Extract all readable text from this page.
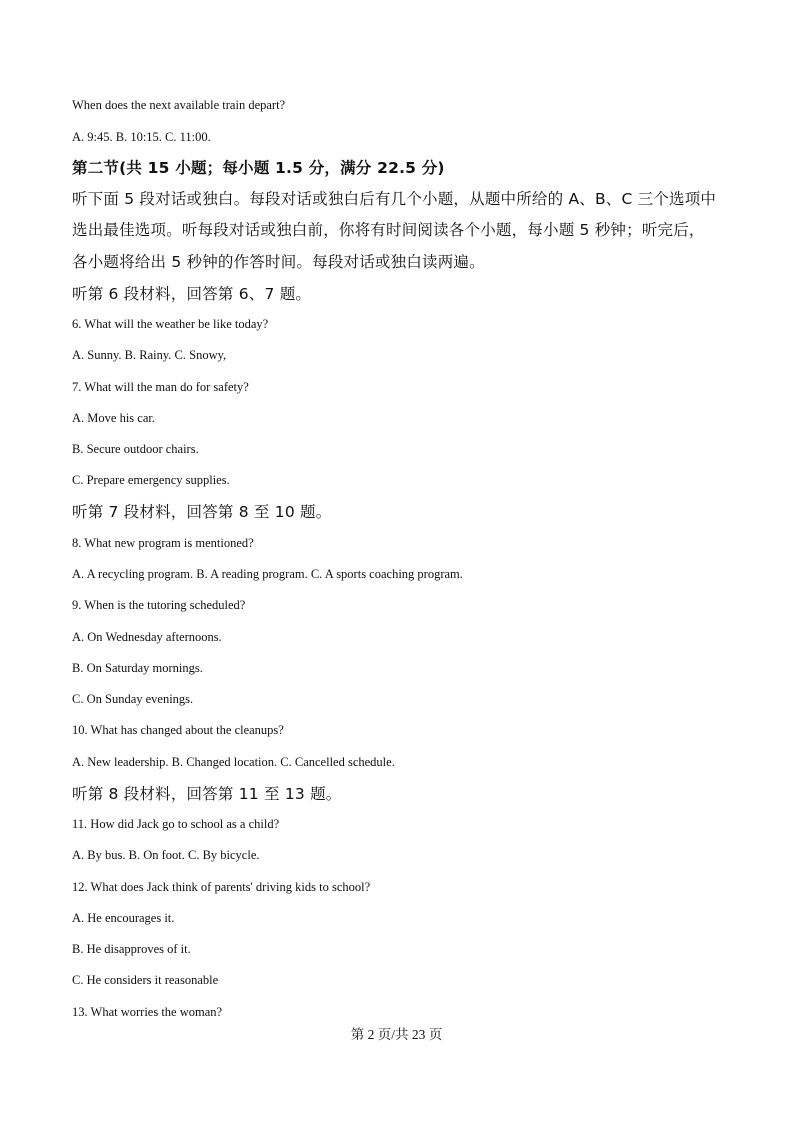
When does the next available train depart?
A. 9:45. B. 10:15. C. 11:00.
第二节(共 15 小题；每小题 1.5 分，满分 22.5 分)
听下面 5 段对话或独白。每段对话或独白后有几个小题，从题中所给的 A、B、C 三个选项中
选出最佳选项。听每段对话或独白前，你将有时间阅读各个小题，每小题 5 秒钟；听完后，
各小题将给出 5 秒钟的作答时间。每段对话或独白读两遍。
听第 6 段材料，回答第 6、7 题。
6. What will the weather be like today?
A. Sunny. B. Rainy. C. Snowy,
7. What will the man do for safety?
A. Move his car.
B. Secure outdoor chairs.
C. Prepare emergency supplies.
听第 7 段材料，回答第 8 至 10 题。
8. What new program is mentioned?
A. A recycling program. B. A reading program. C. A sports coaching program.
9. When is the tutoring scheduled?
A. On Wednesday afternoons.
B. On Saturday mornings.
C. On Sunday evenings.
10. What has changed about the cleanups?
A. New leadership. B. Changed location. C. Cancelled schedule.
听第 8 段材料，回答第 11 至 13 题。
11. How did Jack go to school as a child?
A. By bus. B. On foot. C. By bicycle.
12. What does Jack think of parents' driving kids to school?
A. He encourages it.
B. He disapproves of it.
C. He considers it reasonable
13. What worries the woman?
第 2 页/共 23 页
